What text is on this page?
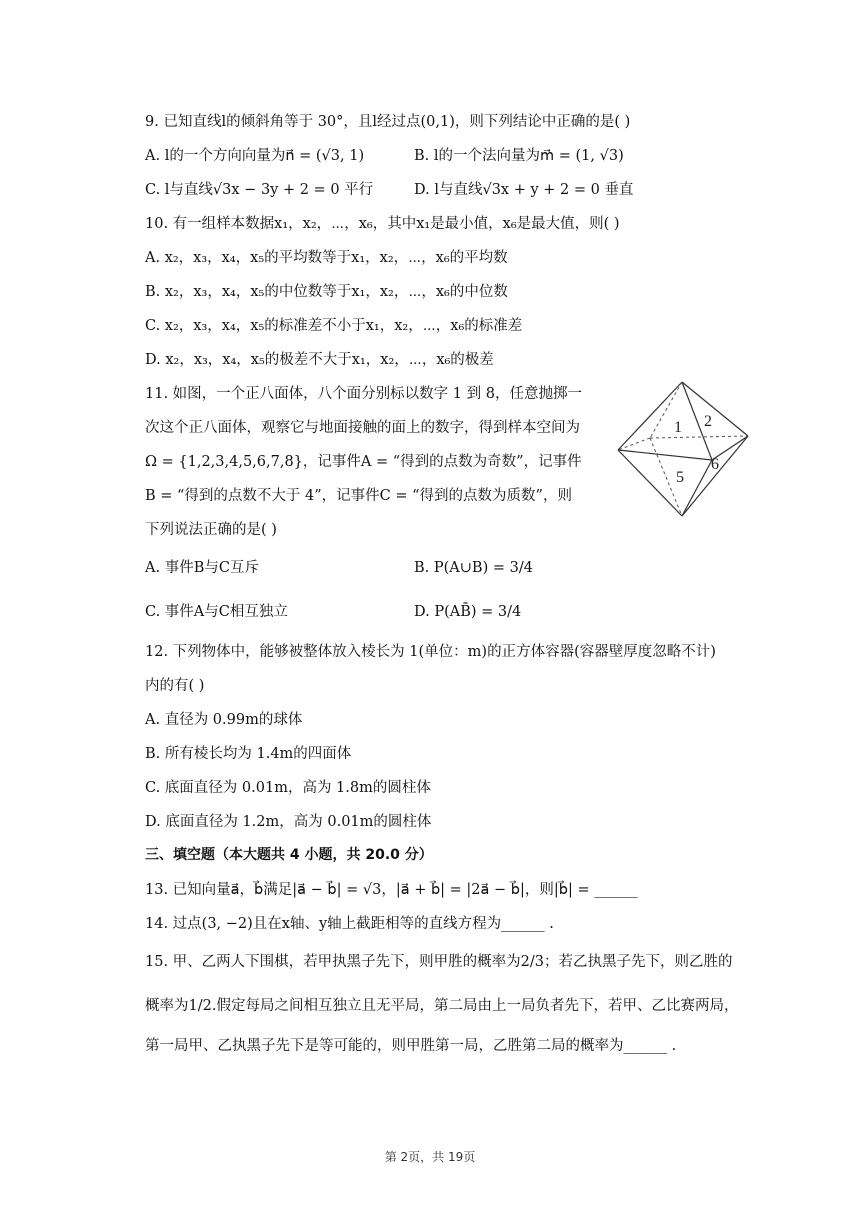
9. 已知直线l的倾斜角等于 30°，且l经过点(0,1)，则下列结论中正确的是( )
A. l的一个方向向量为n⃗ = (√3, 1)	B. l的一个法向量为m⃗ = (1, √3)
C. l与直线√3x − 3y + 2 = 0 平行	D. l与直线√3x + y + 2 = 0 垂直
10. 有一组样本数据x₁，x₂，⋯，x₆，其中x₁是最小值，x₆是最大值，则( )
A. x₂，x₃，x₄，x₅的平均数等于x₁，x₂，⋯，x₆的平均数
B. x₂，x₃，x₄，x₅的中位数等于x₁，x₂，⋯，x₆的中位数
C. x₂，x₃，x₄，x₅的标准差不小于x₁，x₂，⋯，x₆的标准差
D. x₂，x₃，x₄，x₅的极差不大于x₁，x₂，⋯，x₆的极差
11. 如图，一个正八面体，八个面分别标以数字 1 到 8，任意抛掷一
次这个正八面体，观察它与地面接触的面上的数字，得到样本空间为
Ω = {1,2,3,4,5,6,7,8}，记事件A = “得到的点数为奇数”，记事件
B = “得到的点数不大于 4”，记事件C = “得到的点数为质数”，则
下列说法正确的是( )
1 2
5
6
A. 事件B与C互斥	B. P(A∪B) = 3/4
C. 事件A与C相互独立	D. P(AB̄) = 3/4
12. 下列物体中，能够被整体放入棱长为 1(单位：m)的正方体容器(容器壁厚度忽略不计)
内的有( )
A. 直径为 0.99m的球体
B. 所有棱长均为 1.4m的四面体
C. 底面直径为 0.01m，高为 1.8m的圆柱体
D. 底面直径为 1.2m，高为 0.01m的圆柱体
三、填空题（本大题共 4 小题，共 20.0 分）
13. 已知向量a⃗，b⃗满足|a⃗ − b⃗| = √3，|a⃗ + b⃗| = |2a⃗ − b⃗|，则|b⃗| = ______
14. 过点(3, −2)且在x轴、y轴上截距相等的直线方程为______ .
15. 甲、乙两人下围棋，若甲执黑子先下，则甲胜的概率为2/3；若乙执黑子先下，则乙胜的
概率为1/2.假定每局之间相互独立且无平局，第二局由上一局负者先下，若甲、乙比赛两局，
第一局甲、乙执黑子先下是等可能的，则甲胜第一局，乙胜第二局的概率为______ .
第 2页，共 19页
